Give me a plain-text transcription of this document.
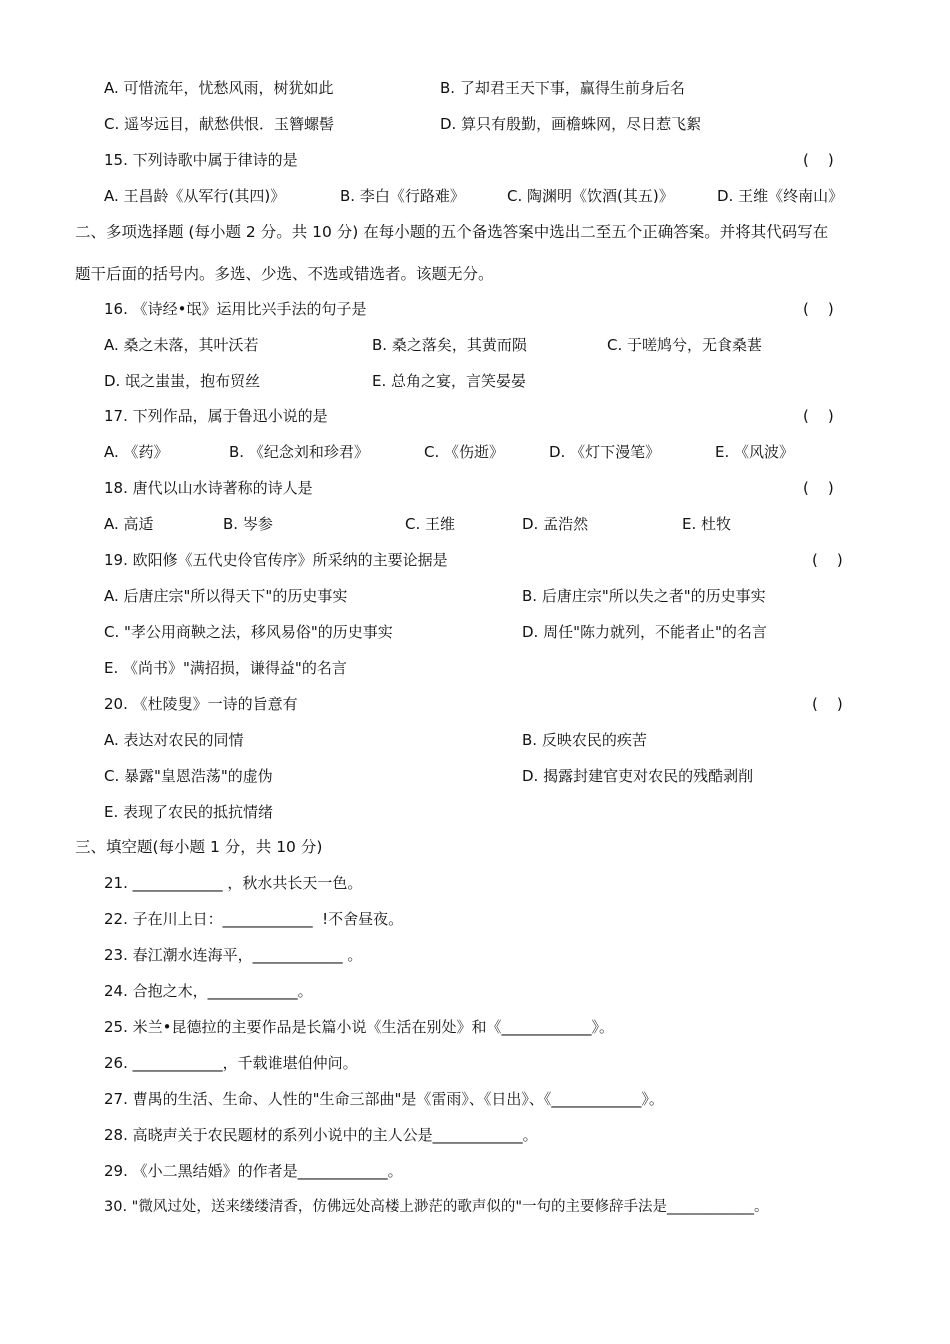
A. 可惜流年，忧愁风雨，树犹如此	B. 了却君王天下事，赢得生前身后名
C. 遥岑远目，献愁供恨．玉簪螺髻	D. 算只有殷勤，画檐蛛网，尽日惹飞絮
15. 下列诗歌中属于律诗的是	(    )
A. 王昌龄《从军行(其四)》	B. 李白《行路难》	C. 陶渊明《饮酒(其五)》	D. 王维《终南山》
二、多项选择题 (每小题 2 分。共 10 分) 在每小题的五个备选答案中选出二至五个正确答案。并将其代码写在
题干后面的括号内。多选、少选、不选或错选者。该题无分。
16. 《诗经•氓》运用比兴手法的句子是	(    )
A. 桑之未落，其叶沃若	B. 桑之落矣，其黄而陨	C. 于嗟鸠兮，无食桑葚
D. 氓之蚩蚩，抱布贸丝	E. 总角之宴，言笑晏晏
17. 下列作品，属于鲁迅小说的是	(    )
A. 《药》	B. 《纪念刘和珍君》	C. 《伤逝》	D. 《灯下漫笔》	E. 《风波》
18. 唐代以山水诗著称的诗人是	(    )
A. 高适	B. 岑参	C. 王维	D. 孟浩然	E. 杜牧
19. 欧阳修《五代史伶官传序》所采纳的主要论据是	(    )
A. 后唐庄宗"所以得天下"的历史事实	B. 后唐庄宗"所以失之者"的历史事实
C. "孝公用商鞅之法，移风易俗"的历史事实	D. 周任"陈力就列，不能者止"的名言
E. 《尚书》"满招损，谦得益"的名言
20. 《杜陵叟》一诗的旨意有	(    )
A. 表达对农民的同情	B. 反映农民的疾苦
C. 暴露"皇恩浩荡"的虚伪	D. 揭露封建官吏对农民的残酷剥削
E. 表现了农民的抵抗情绪
三、填空题(每小题 1 分，共 10 分)
21. ____________ ，秋水共长天一色。
22. 子在川上日：____________  !不舍昼夜。
23. 春江潮水连海平，____________ 。
24. 合抱之木，____________。
25. 米兰•昆德拉的主要作品是长篇小说《生活在别处》和《____________》。
26. ____________，千载谁堪伯仲问。
27. 曹禺的生活、生命、人性的"生命三部曲"是《雷雨》、《日出》、《____________》。
28. 高晓声关于农民题材的系列小说中的主人公是____________。
29. 《小二黑结婚》的作者是____________。
30. "微风过处，送来缕缕清香，仿佛远处高楼上渺茫的歌声似的"一句的主要修辞手法是____________。
